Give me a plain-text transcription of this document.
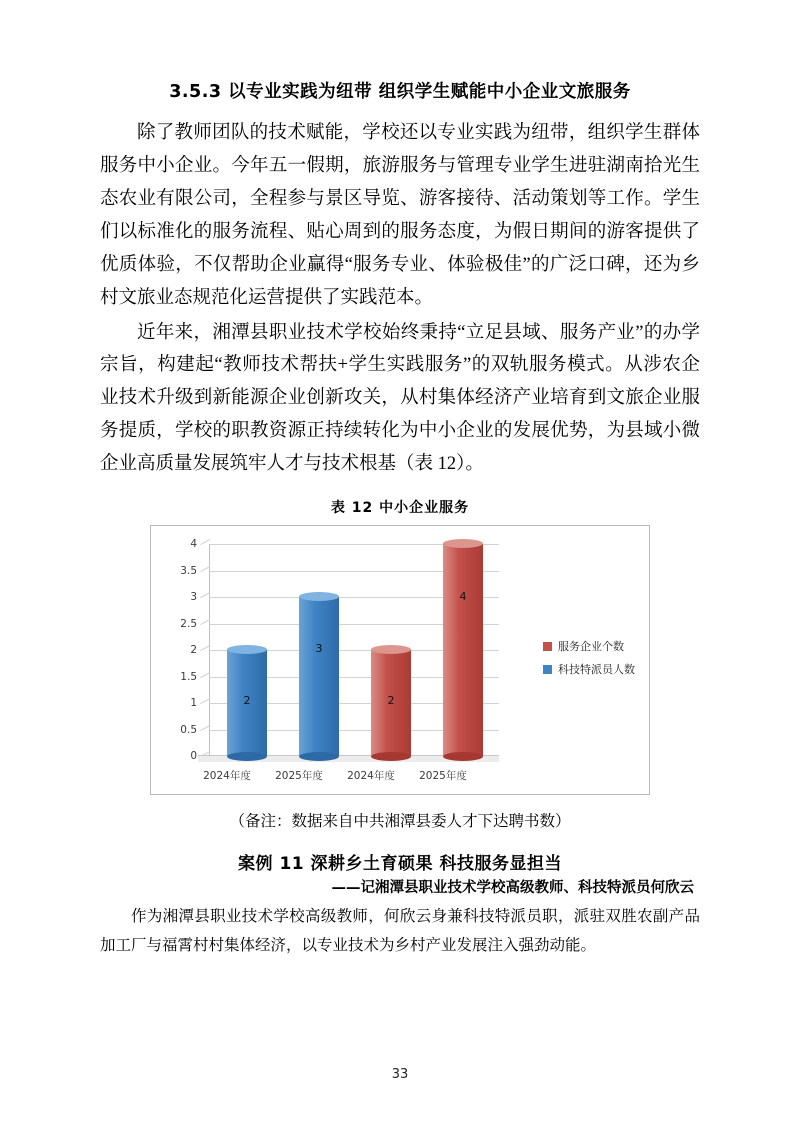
3.5.3 以专业实践为纽带 组织学生赋能中小企业文旅服务

除了教师团队的技术赋能，学校还以专业实践为纽带，组织学生群体服务中小企业。今年五一假期，旅游服务与管理专业学生进驻湖南拾光生态农业有限公司，全程参与景区导览、游客接待、活动策划等工作。学生们以标准化的服务流程、贴心周到的服务态度，为假日期间的游客提供了优质体验，不仅帮助企业赢得“服务专业、体验极佳”的广泛口碑，还为乡村文旅业态规范化运营提供了实践范本。

近年来，湘潭县职业技术学校始终秉持“立足县域、服务产业”的办学宗旨，构建起“教师技术帮扶+学生实践服务”的双轨服务模式。从涉农企业技术升级到新能源企业创新攻关，从村集体经济产业培育到文旅企业服务提质，学校的职教资源正持续转化为中小企业的发展优势，为县域小微企业高质量发展筑牢人才与技术根基（表 12）。

表 12 中小企业服务
2
3
2
4
4
3.5
3
2.5
2
1.5
1
0.5
0
2024年度	2025年度	2024年度	2025年度
服务企业个数
科技特派员人数

（备注：数据来自中共湘潭县委人才下达聘书数）

案例 11 深耕乡土育硕果 科技服务显担当
——记湘潭县职业技术学校高级教师、科技特派员何欣云

作为湘潭县职业技术学校高级教师，何欣云身兼科技特派员职，派驻双胜农副产品加工厂与福霄村村集体经济，以专业技术为乡村产业发展注入强劲动能。

33
